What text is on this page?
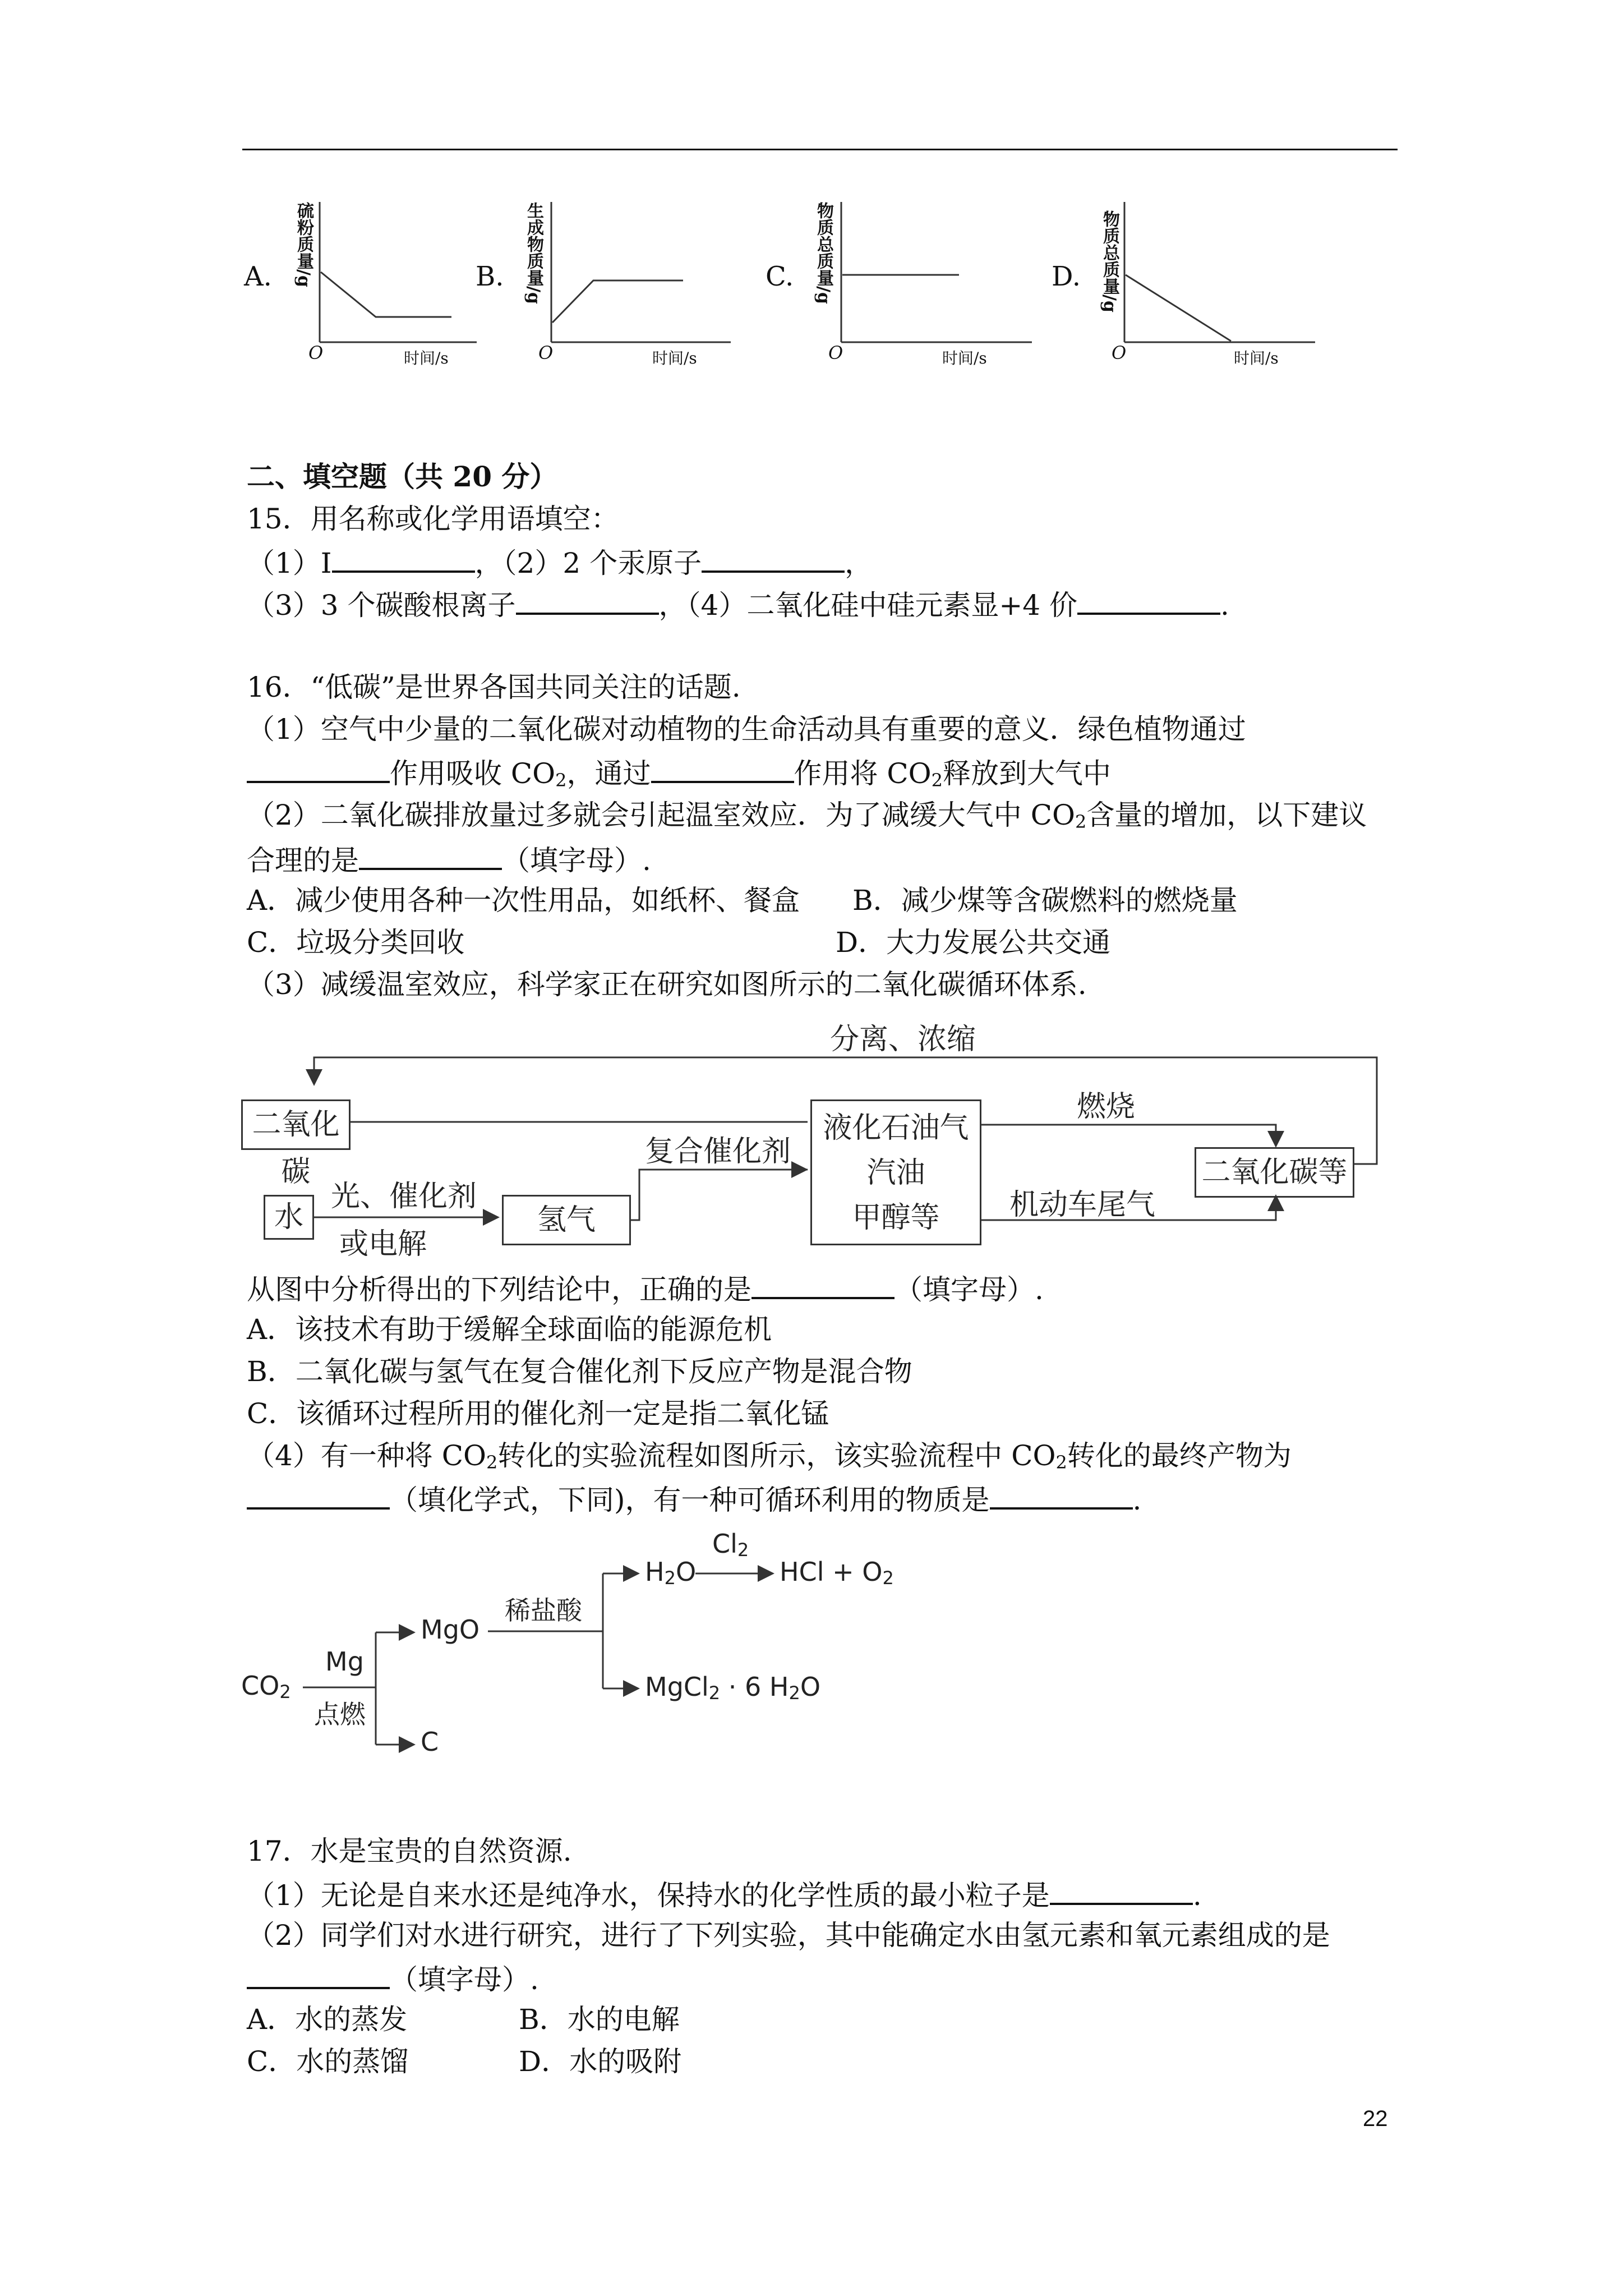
A. 硫粉质量/g
O	时间/s
B. 生成物质量/g
O	时间/s
C. 物质总质量/g
O	时间/s
D. 物质总质量/g
O	时间/s
二、填空题（共 20 分）
15．用名称或化学用语填空：
（1）I	，（2）2 个汞原子	，
（3）3 个碳酸根离子	，（4）二氧化硅中硅元素显+4 价	.
16．“低碳”是世界各国共同关注的话题.
（1）空气中少量的二氧化碳对动植物的生命活动具有重要的意义．绿色植物通过
作用吸收 $CO_2$，通过	作用将 $CO_2$释放到大气中
（2）二氧化碳排放量过多就会引起温室效应．为了减缓大气中 $CO_2$含量的增加，以下建议
合理的是	（填字母）.
A．减少使用各种一次性用品，如纸杯、餐盒 B．减少煤等含碳燃料的燃烧量
C．垃圾分类回收	D．大力发展公共交通
（3）减缓温室效应，科学家正在研究如图所示的二氧化碳循环体系.
分离、浓缩
二氧化碳
水
光、催化剂
或电解
氢气
复合催化剂
液化石油气
汽油
甲醇等
燃烧
机动车尾气
二氧化碳等
从图中分析得出的下列结论中，正确的是	（填字母）.
A．该技术有助于缓解全球面临的能源危机
B．二氧化碳与氢气在复合催化剂下反应产物是混合物
C．该循环过程所用的催化剂一定是指二氧化锰
（4）有一种将 $CO_2$转化的实验流程如图所示，该实验流程中 $CO_2$转化的最终产物为
（填化学式，下同)，有一种可循环利用的物质是	.
$CO_2$
Mg
点燃
MgO
C
稀盐酸
$H_2O$
$Cl_2$
HCl + $O_2$
MgCl$_2$ · 6 $H_2O$
17．水是宝贵的自然资源.
（1）无论是自来水还是纯净水，保持水的化学性质的最小粒子是	.
（2）同学们对水进行研究，进行了下列实验，其中能确定水由氢元素和氧元素组成的是
（填字母）.
A．水的蒸发	B．水的电解
C．水的蒸馏	D．水的吸附
22
